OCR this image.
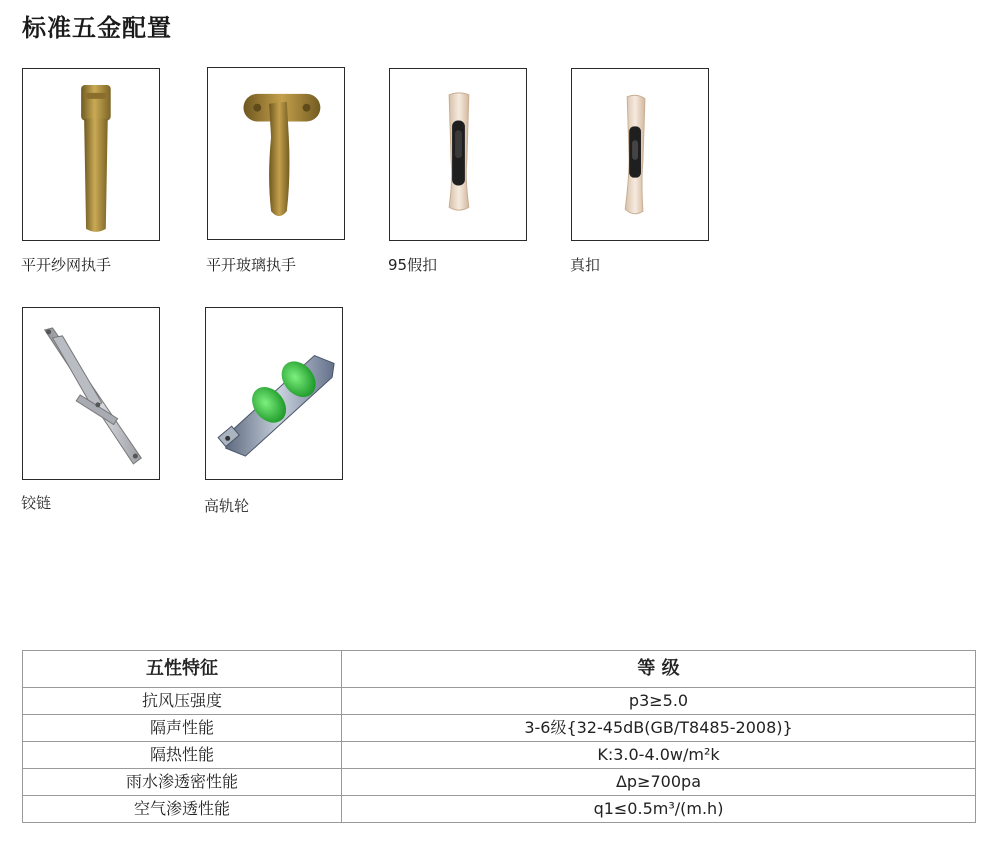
标准五金配置
平开纱网执手	平开玻璃执手	95假扣	真扣
铰链	高轨轮
五性特征	等 级
抗风压强度	p3≥5.0
隔声性能	3-6级{32-45dB(GB/T8485-2008)}
隔热性能	K:3.0-4.0w/m²k
雨水渗透密性能	Δp≥700pa
空气渗透性能	q1≤0.5m³/(m.h)
